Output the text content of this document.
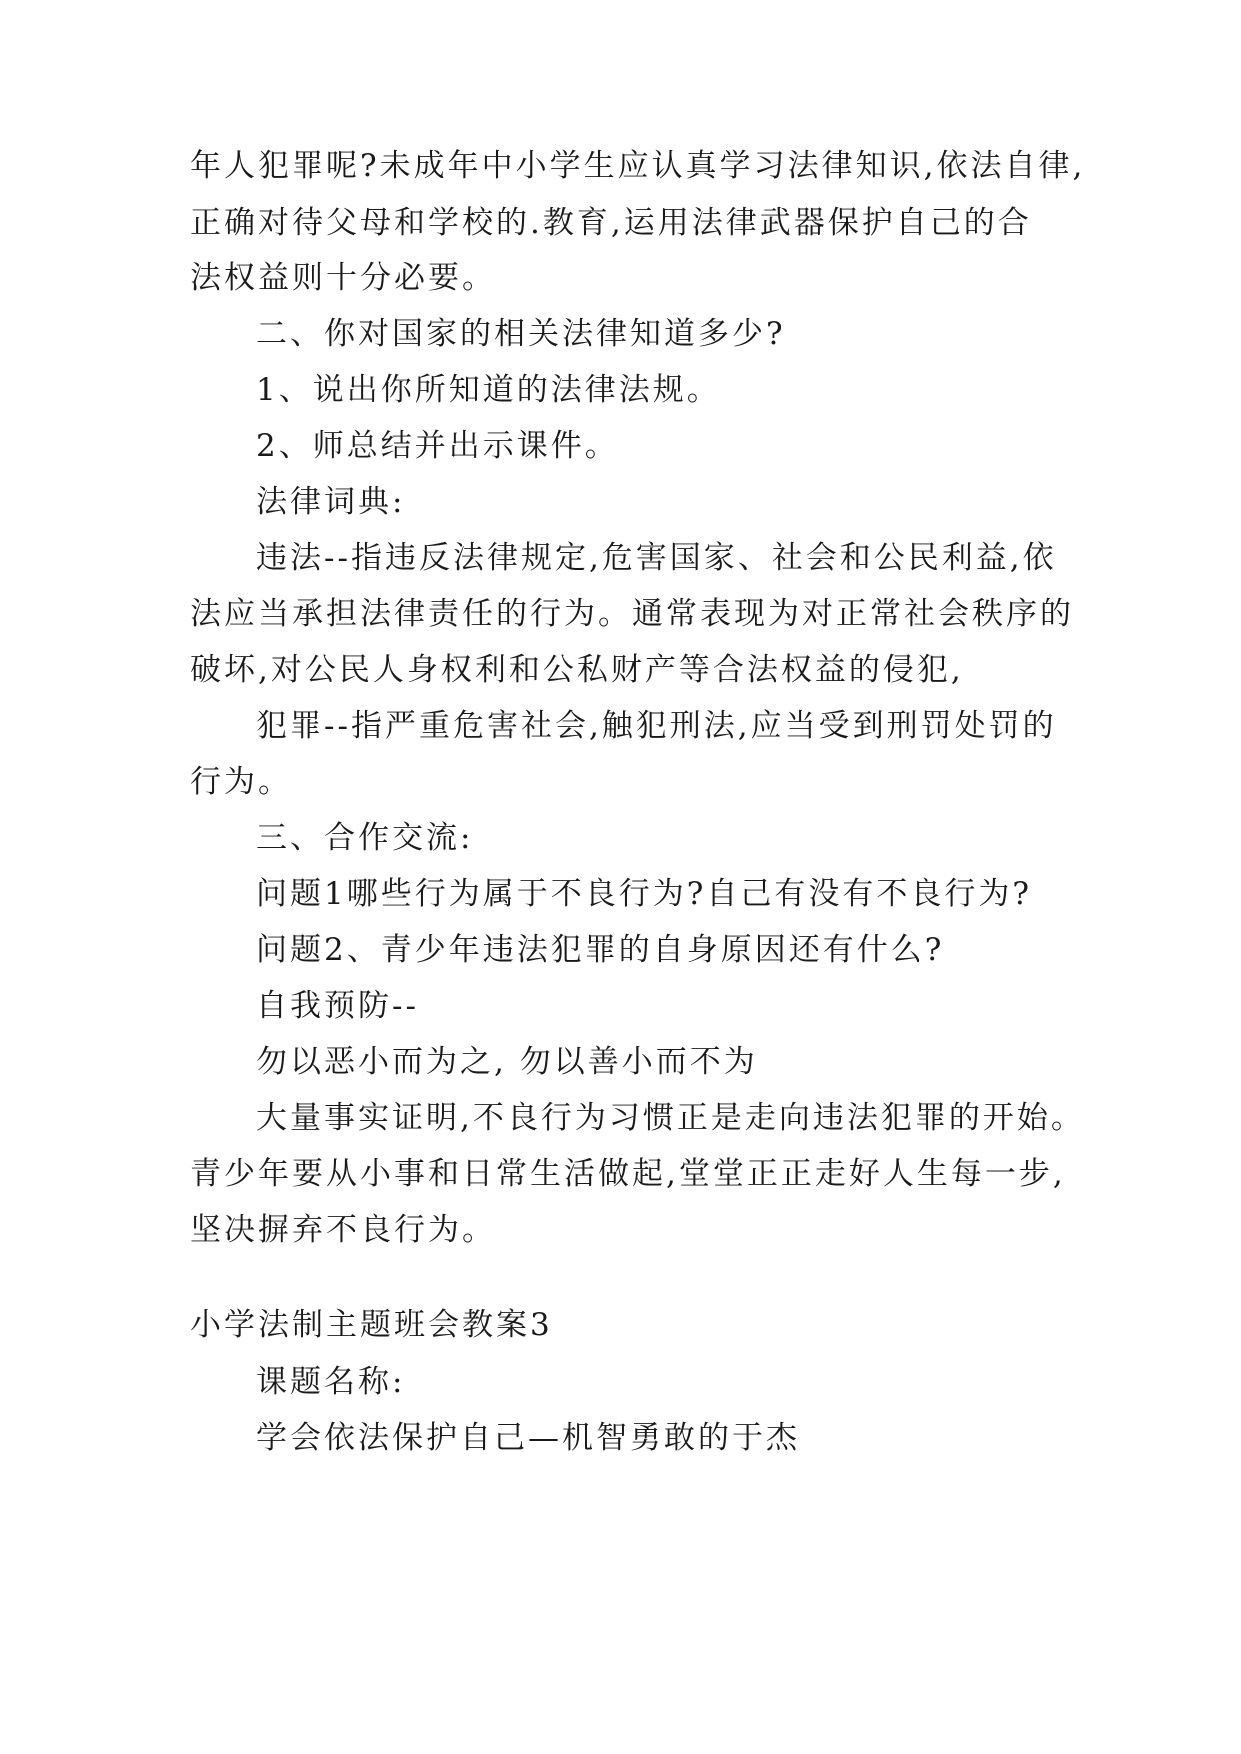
年人犯罪呢?未成年中小学生应认真学习法律知识,依法自律,
正确对待父母和学校的.教育,运用法律武器保护自己的合
法权益则十分必要。
二、你对国家的相关法律知道多少?
1、说出你所知道的法律法规。
2、师总结并出示课件。
法律词典:
违法--指违反法律规定,危害国家、社会和公民利益,依
法应当承担法律责任的行为。通常表现为对正常社会秩序的
破坏,对公民人身权利和公私财产等合法权益的侵犯,
犯罪--指严重危害社会,触犯刑法,应当受到刑罚处罚的
行为。
三、合作交流:
问题1哪些行为属于不良行为?自己有没有不良行为?
问题2、青少年违法犯罪的自身原因还有什么?
自我预防--
勿以恶小而为之, 勿以善小而不为
大量事实证明,不良行为习惯正是走向违法犯罪的开始。
青少年要从小事和日常生活做起,堂堂正正走好人生每一步,
坚决摒弃不良行为。
小学法制主题班会教案3
课题名称:
学会依法保护自己—机智勇敢的于杰
